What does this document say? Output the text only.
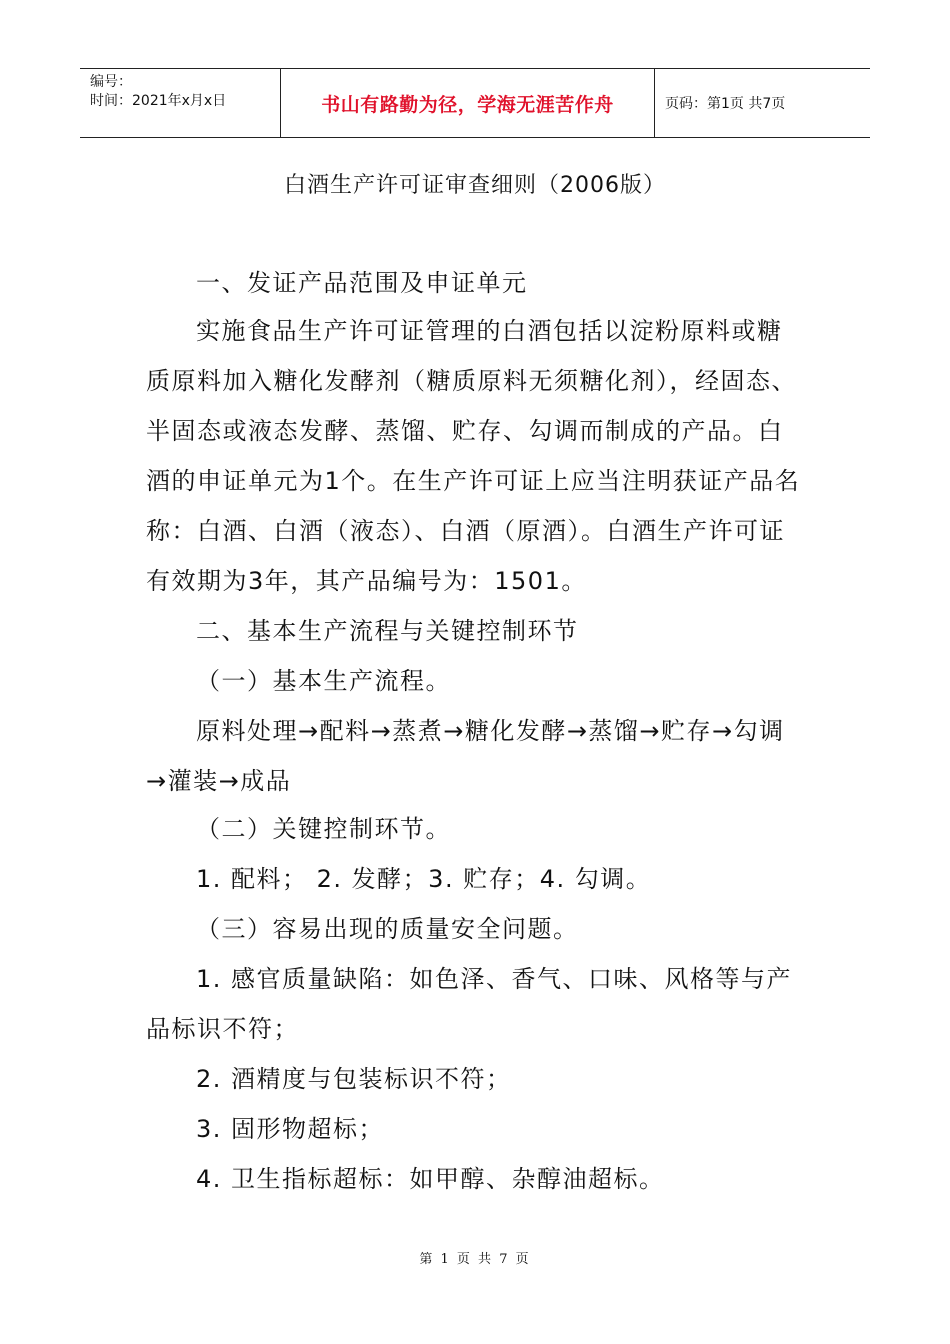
编号：
时间：2021年x月x日	书山有路勤为径，学海无涯苦作舟	页码：第1页 共7页
白酒生产许可证审查细则（2006版）
一、发证产品范围及申证单元
实施食品生产许可证管理的白酒包括以淀粉原料或糖质原料加入糖化发酵剂（糖质原料无须糖化剂），经固态、半固态或液态发酵、蒸馏、贮存、勾调而制成的产品。白酒的申证单元为1个。在生产许可证上应当注明获证产品名称：白酒、白酒（液态）、白酒（原酒）。白酒生产许可证有效期为3年，其产品编号为：1501。
二、基本生产流程与关键控制环节
（一）基本生产流程。
原料处理→配料→蒸煮→糖化发酵→蒸馏→贮存→勾调→灌装→成品
（二）关键控制环节。
1. 配料； 2. 发酵；3. 贮存；4. 勾调。
（三）容易出现的质量安全问题。
1. 感官质量缺陷：如色泽、香气、口味、风格等与产品标识不符；
2. 酒精度与包装标识不符；
3. 固形物超标；
4. 卫生指标超标：如甲醇、杂醇油超标。
第 1 页 共 7 页
